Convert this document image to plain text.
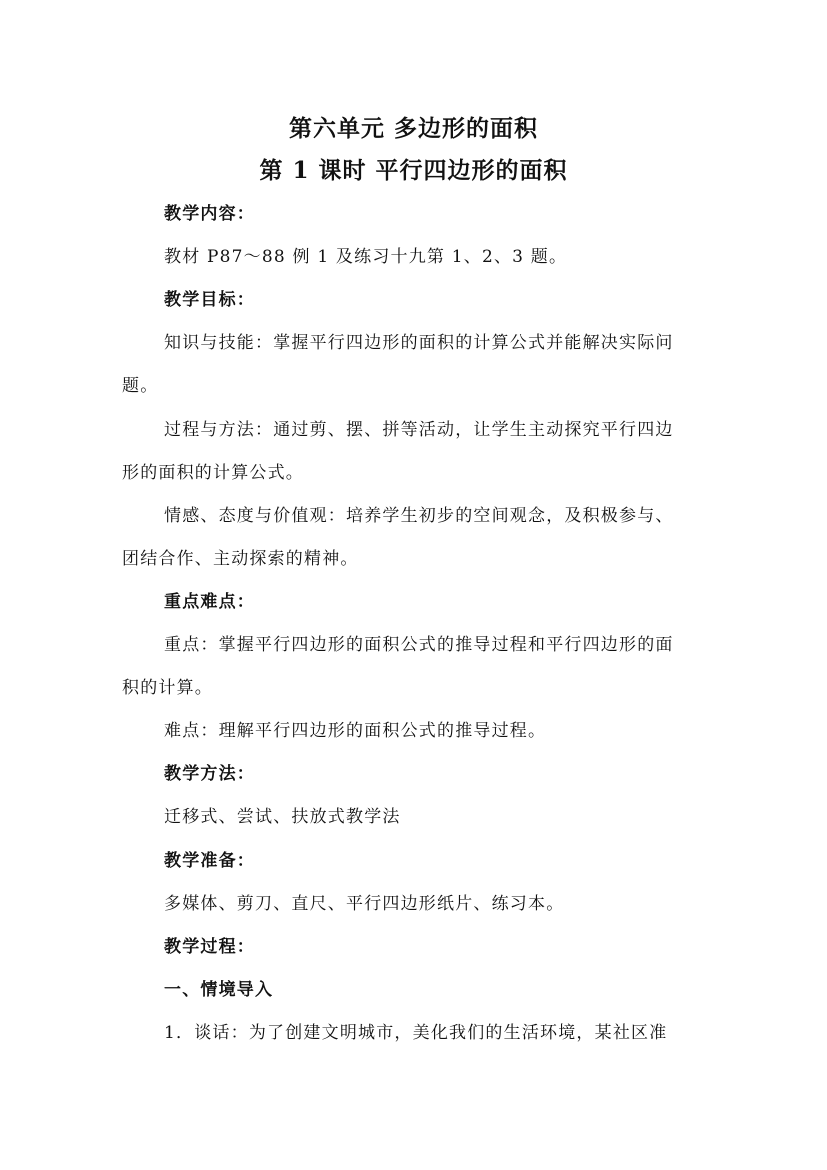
第六单元 多边形的面积
第 1 课时 平行四边形的面积
教学内容：
教材 P87～88 例 1 及练习十九第 1、2、3 题。
教学目标：
知识与技能：掌握平行四边形的面积的计算公式并能解决实际问
题。
过程与方法：通过剪、摆、拼等活动，让学生主动探究平行四边
形的面积的计算公式。
情感、态度与价值观：培养学生初步的空间观念，及积极参与、
团结合作、主动探索的精神。
重点难点：
重点：掌握平行四边形的面积公式的推导过程和平行四边形的面
积的计算。
难点：理解平行四边形的面积公式的推导过程。
教学方法：
迁移式、尝试、扶放式教学法
教学准备：
多媒体、剪刀、直尺、平行四边形纸片、练习本。
教学过程：
一、情境导入
1．谈话：为了创建文明城市，美化我们的生活环境，某社区准
